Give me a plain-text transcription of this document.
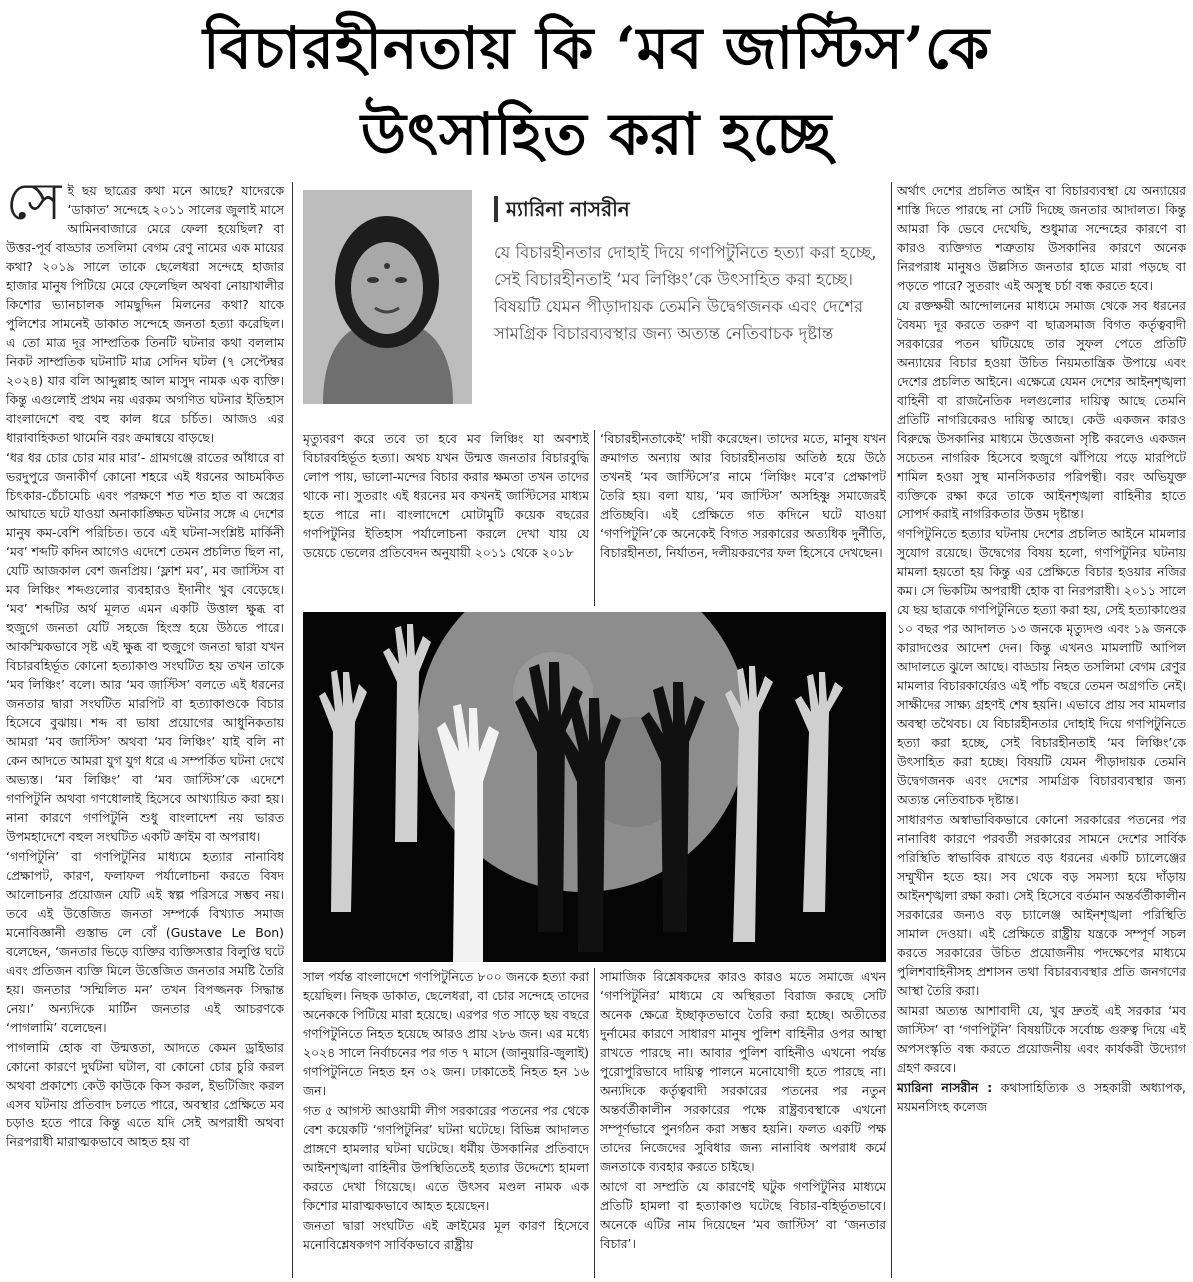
বিচারহীনতায় কি ‘মব জাস্টিস’কে
উৎসাহিত করা হচ্ছে
সে ই ছয় ছাত্রের কথা মনে আছে? যাদেরকে ‘ডাকাত’ সন্দেহে ২০১১ সালের জুলাই মাসে আমিনবাজারে মেরে ফেলা হয়েছিল? বা উত্তর-পূর্ব বাড্ডার তসলিমা বেগম রেণু নামের এক মায়ের কথা? ২০১৯ সালে তাকে ছেলেধরা সন্দেহে হাজার হাজার মানুষ পিটিয়ে মেরে ফেলেছিল অথবা নোয়াখালীর কিশোর ভ্যানচালক সামছুদ্দিন মিলনের কথা? যাকে পুলিশের সামনেই ডাকাত সন্দেহে জনতা হত্যা করেছিল। এ তো মাত্র দূর সাম্প্রতিক তিনটি ঘটনার কথা বললাম নিকট সাম্প্রতিক ঘটনাটি মাত্র সেদিন ঘটল (৭ সেপ্টেম্বর ২০২৪) যার বলি আব্দুল্লাহ আল মাসুদ নামক এক ব্যক্তি। কিন্তু এগুলোই প্রথম নয় এরকম অগণিত ঘটনার ইতিহাস বাংলাদেশে বহু বহু কাল ধরে চর্চিত। আজও এর ধারাবাহিকতা থামেনি বরং ক্রমান্বয়ে বাড়ছে।

‘ধর ধর চোর চোর মার মার’- গ্রামগঞ্জে রাতের আঁধারে বা ভরদুপুরে জনাকীর্ণ কোনো শহরে এই ধরনের আচমকিত চিৎকার-চেঁচামেচি এবং পরক্ষণে শত শত হাত বা অস্ত্রের আঘাতে ঘটে যাওয়া অনাকাঙ্ক্ষিত ঘটনার সঙ্গে এ দেশের মানুষ কম-বেশি পরিচিত। তবে এই ঘটনা-সংশ্লিষ্ট মার্কিনী ‘মব’ শব্দটি কদিন আগেও এদেশে তেমন প্রচলিত ছিল না, যেটি আজকাল বেশ জনপ্রিয়। ‘ফ্লাশ মব’, মব জাস্টিস বা মব লিঞ্চিং শব্দগুলোর ব্যবহারও ইদানীং খুব বেড়েছে। ‘মব’ শব্দটির অর্থ মূলত এমন একটি উত্তাল ক্ষুব্ধ বা হুজুগে জনতা যেটি সহজে হিংস্র হয়ে উঠতে পারে। আকস্মিকভাবে সৃষ্ট এই ক্ষুব্ধ বা হুজুগে জনতা দ্বারা যখন বিচারবহির্ভূত কোনো হত্যাকাণ্ড সংঘটিত হয় তখন তাকে ‘মব লিঞ্চিং’ বলে। আর ‘মব জাস্টিস’ বলতে এই ধরনের জনতার দ্বারা সংঘটিত মারপিট বা হত্যাকাণ্ডকে বিচার হিসেবে বুঝায়। শব্দ বা ভাষা প্রয়োগের আধুনিকতায় আমরা ‘মব জাস্টিস’ অথবা ‘মব লিঞ্চিং’ যাই বলি না কেন আদতে আমরা যুগ যুগ ধরে এ সম্পর্কিত ঘটনা দেখে অভ্যস্ত। ‘মব লিঞ্চিং’ বা ‘মব জাস্টিস’কে এদেশে গণপিটুনি অথবা গণধোলাই হিসেবে আখ্যায়িত করা হয়। নানা কারণে গণপিটুনি শুধু বাংলাদেশ নয় ভারত উপমহাদেশে বহুল সংঘটিত একটি ক্রাইম বা অপরাধ।

‘গণপিটুনি’ বা গণপিটুনির মাধ্যমে হত্যার নানাবিধ প্রেক্ষাপট, কারণ, ফলাফল পর্যালোচনা করতে বিষদ আলোচনার প্রয়োজন যেটি এই স্বল্প পরিসরে সম্ভব নয়। তবে এই উত্তেজিত জনতা সম্পর্কে বিখ্যাত সমাজ মনোবিজ্ঞানী গুস্তাভ লে বোঁ (Gustave Le Bon) বলেছেন, ‘জনতার ভিড়ে ব্যক্তির ব্যক্তিসত্তার বিলুপ্তি ঘটে এবং প্রতিজন ব্যক্তি মিলে উত্তেজিত জনতার সমষ্টি তৈরি হয়। জনতার ‘সম্মিলিত মন’ তখন বিপজ্জনক সিদ্ধান্ত নেয়।’ অন্যদিকে মার্টিন জনতার এই আচরণকে ‘পাগলামি’ বলেছেন।

পাগলামি হোক বা উন্মত্ততা, আদতে কেমন ড্রাইভার কোনো কারণে দুর্ঘটনা ঘটাল, বা কোনো চোর চুরি করল অথবা প্রকাশ্যে কেউ কাউকে কিস করল, ইভটিজিং করল এসব ঘটনায় প্রতিবাদ চলতে পারে, অবস্থার প্রেক্ষিতে মব চড়াও হতে পারে কিন্তু এতে যদি সেই অপরাধী অথবা নিরপরাধী মারাত্মকভাবে আহত হয় বা

ম্যারিনা নাসরীন
যে বিচারহীনতার দোহাই দিয়ে গণপিটুনিতে হত্যা করা হচ্ছে, সেই বিচারহীনতাই ‘মব লিঞ্চিং’কে উৎসাহিত করা হচ্ছে। বিষয়টি যেমন পীড়াদায়ক তেমনি উদ্বেগজনক এবং দেশের সামগ্রিক বিচারব্যবস্থার জন্য অত্যন্ত নেতিবাচক দৃষ্টান্ত

মৃত্যুবরণ করে তবে তা হবে মব লিঞ্চিং যা অবশ্যই বিচারবহির্ভূত হত্যা। অথচ যখন উন্মত্ত জনতার বিচারবুদ্ধি লোপ পায়, ভালো-মন্দের বিচার করার ক্ষমতা তখন তাদের থাকে না। সুতরাং এই ধরনের মব কখনই জাস্টিসের মাধ্যম হতে পারে না। বাংলাদেশে মোটামুটি কয়েক বছরের গণপিটুনির ইতিহাস পর্যালোচনা করলে দেখা যায় যে ডয়েচে ভেলের প্রতিবেদন অনুযায়ী ২০১১ থেকে ২০১৮

‘বিচারহীনতাকেই’ দায়ী করেছেন। তাদের মতে, মানুষ যখন ক্রমাগত অন্যায় আর বিচারহীনতায় অতিষ্ঠ হয়ে উঠে তখনই ‘মব জাস্টিসে’র নামে ‘লিঞ্চিং মবে’র প্রেক্ষাপট তৈরি হয়। বলা যায়, ‘মব জাস্টিস’ অসহিষ্ণু সমাজেরই প্রতিচ্ছবি। এই প্রেক্ষিতে গত কদিনে ঘটে যাওয়া ‘গণপিটুনি’কে অনেকেই বিগত সরকারের অত্যধিক দুর্নীতি, বিচারহীনতা, নির্যাতন, দলীয়করণের ফল হিসেবে দেখছেন।

সাল পর্যন্ত বাংলাদেশে গণপিটুনিতে ৮০০ জনকে হত্যা করা হয়েছিল। নিছক ডাকাত, ছেলেধরা, বা চোর সন্দেহে তাদের অনেককে পিটিয়ে মারা হয়েছে। এরপর গত সাড়ে ছয় বছরে গণপিটুনিতে নিহত হয়েছে আরও প্রায় ২৮৬ জন। এর মধ্যে ২০২৪ সালে নির্বাচনের পর গত ৭ মাসে (জানুয়ারি-জুলাই) গণপিটুনিতে নিহত হন ৩২ জন। ঢাকাতেই নিহত হন ১৬ জন।

গত ৫ আগস্ট আওয়ামী লীগ সরকারের পতনের পর থেকে বেশ কয়েকটি ‘গণপিটুনির’ ঘটনা ঘটেছে। বিভিন্ন আদালত প্রাঙ্গণে হামলার ঘটনা ঘটেছে। ধর্মীয় উসকানির প্রতিবাদে আইনশৃঙ্খলা বাহিনীর উপস্থিতিতেই হত্যার উদ্দেশ্যে হামলা করতে দেখা গিয়েছে। এতে উৎসব মণ্ডল নামক এক কিশোর মারাত্মকভাবে আহত হয়েছেন।

জনতা দ্বারা সংঘটিত এই ক্রাইমের মূল কারণ হিসেবে মনোবিশ্লেষকগণ সার্বিকভাবে রাষ্ট্রীয়

সামাজিক বিশ্লেষকদের কারও কারও মতে সমাজে এখন ‘গণপিটুনির’ মাধ্যমে যে অস্থিরতা বিরাজ করছে সেটি অনেক ক্ষেত্রে ইচ্ছাকৃতভাবে তৈরি করা হচ্ছে। অতীতের দুর্নামের কারণে সাধারণ মানুষ পুলিশ বাহিনীর ওপর আস্থা রাখতে পারছে না। আবার পুলিশ বাহিনীও এখনো পর্যন্ত পুরোপুরিভাবে দায়িত্ব পালনে মনোযোগী হতে পারছে না। অন্যদিকে কর্তৃত্ববাদী সরকারের পতনের পর নতুন অন্তর্বর্তীকালীন সরকারের পক্ষে রাষ্ট্রব্যবস্থাকে এখনো সম্পূর্ণভাবে পুনর্গঠন করা সম্ভব হয়নি। ফলত একটি পক্ষ তাদের নিজেদের সুবিধার জন্য নানাবিধ অপরাধ কর্মে জনতাকে ব্যবহার করতে চাইছে।

আগে বা সম্প্রতি যে কারণেই ঘটুক গণপিটুনির মাধ্যমে প্রতিটি হামলা বা হত্যাকাণ্ড ঘটেছে বিচার-বহির্ভূতভাবে। অনেকে এটির নাম দিয়েছেন ‘মব জাস্টিস’ বা ‘জনতার বিচার’।

অর্থাৎ দেশের প্রচলিত আইন বা বিচারব্যবস্থা যে অন্যায়ের শাস্তি দিতে পারছে না সেটি দিচ্ছে জনতার আদালত। কিন্তু আমরা কি ভেবে দেখেছি, শুধুমাত্র সন্দেহের কারণে বা কারও ব্যক্তিগত শত্রুতায় উসকানির কারণে অনেক নিরপরাধ মানুষও উল্লসিত জনতার হাতে মারা পড়ছে বা পড়তে পারে? সুতরাং এই অসুস্থ চর্চা বন্ধ করতে হবে।

যে রক্তক্ষয়ী আন্দোলনের মাধ্যমে সমাজ থেকে সব ধরনের বৈষম্য দূর করতে তরুণ বা ছাত্রসমাজ বিগত কর্তৃত্ববাদী সরকারের পতন ঘটিয়েছে তার সুফল পেতে প্রতিটি অন্যায়ের বিচার হওয়া উচিত নিয়মতান্ত্রিক উপায়ে এবং দেশের প্রচলিত আইনে। এক্ষেত্রে যেমন দেশের আইনশৃঙ্খলা বাহিনী বা রাজনৈতিক দলগুলোর দায়িত্ব আছে তেমনি প্রতিটি নাগরিকেরও দায়িত্ব আছে। কেউ একজন কারও বিরুদ্ধে উসকানির মাধ্যমে উত্তেজনা সৃষ্টি করলেও একজন সচেতন নাগরিক হিসেবে হুজুগে ঝাঁপিয়ে পড়ে মারপিটে শামিল হওয়া সুস্থ মানসিকতার পরিপন্থী। বরং অভিযুক্ত ব্যক্তিকে রক্ষা করে তাকে আইনশৃঙ্খলা বাহিনীর হাতে সোপর্দ করাই নাগরিকতার উত্তম দৃষ্টান্ত।

গণপিটুনিতে হত্যার ঘটনায় দেশের প্রচলিত আইনে মামলার সুযোগ রয়েছে। উদ্বেগের বিষয় হলো, গণপিটুনির ঘটনায় মামলা হয়তো হয় কিন্তু এর প্রেক্ষিতে বিচার হওয়ার নজির কম। সে ভিকটিম অপরাধী হোক বা নিরপরাধী। ২০১১ সালে যে ছয় ছাত্রকে গণপিটুনিতে হত্যা করা হয়, সেই হত্যাকাণ্ডের ১০ বছর পর আদালত ১৩ জনকে মৃত্যুদণ্ড এবং ১৯ জনকে কারাদণ্ডের আদেশ দেন। কিন্তু এখনও মামলাটি আপিল আদালতে ঝুলে আছে। বাড্ডায় নিহত তসলিমা বেগম রেণুর মামলার বিচারকার্যেরও এই পাঁচ বছরে তেমন অগ্রগতি নেই। সাক্ষীদের সাক্ষ্য গ্রহণই শেষ হয়নি। এভাবে প্রায় সব মামলার অবস্থা তথৈবচ। যে বিচারহীনতার দোহাই দিয়ে গণপিটুনিতে হত্যা করা হচ্ছে, সেই বিচারহীনতাই ‘মব লিঞ্চিং’কে উৎসাহিত করা হচ্ছে। বিষয়টি যেমন পীড়াদায়ক তেমনি উদ্বেগজনক এবং দেশের সামগ্রিক বিচারব্যবস্থার জন্য অত্যন্ত নেতিবাচক দৃষ্টান্ত।

সাধারণত অস্বাভাবিকভাবে কোনো সরকারের পতনের পর নানাবিধ কারণে পরবর্তী সরকারের সামনে দেশের সার্বিক পরিস্থিতি স্বাভাবিক রাখতে বড় ধরনের একটি চ্যালেঞ্জের সম্মুখীন হতে হয়। সব থেকে বড় সমস্যা হয়ে দাঁড়ায় আইনশৃঙ্খলা রক্ষা করা। সেই হিসেবে বর্তমান অন্তর্বর্তীকালীন সরকারের জন্যও বড় চ্যালেঞ্জ আইনশৃঙ্খলা পরিস্থিতি সামাল দেওয়া। এই প্রেক্ষিতে রাষ্ট্রীয় যন্ত্রকে সম্পূর্ণ সচল করতে সরকারের উচিত প্রয়োজনীয় পদক্ষেপের মাধ্যমে পুলিশবাহিনীসহ প্রশাসন তথা বিচারব্যবস্থার প্রতি জনগণের আস্থা তৈরি করা।

আমরা অত্যন্ত আশাবাদী যে, খুব দ্রুতই এই সরকার ‘মব জাস্টিস’ বা ‘গণপিটুনি’ বিষয়টিকে সর্বোচ্চ গুরুত্ব দিয়ে এই অপসংস্কৃতি বন্ধ করতে প্রয়োজনীয় এবং কার্যকরী উদ্যোগ গ্রহণ করবে।

ম্যারিনা নাসরীন : কথাসাহিত্যিক ও সহকারী অধ্যাপক, ময়মনসিংহ কলেজ
